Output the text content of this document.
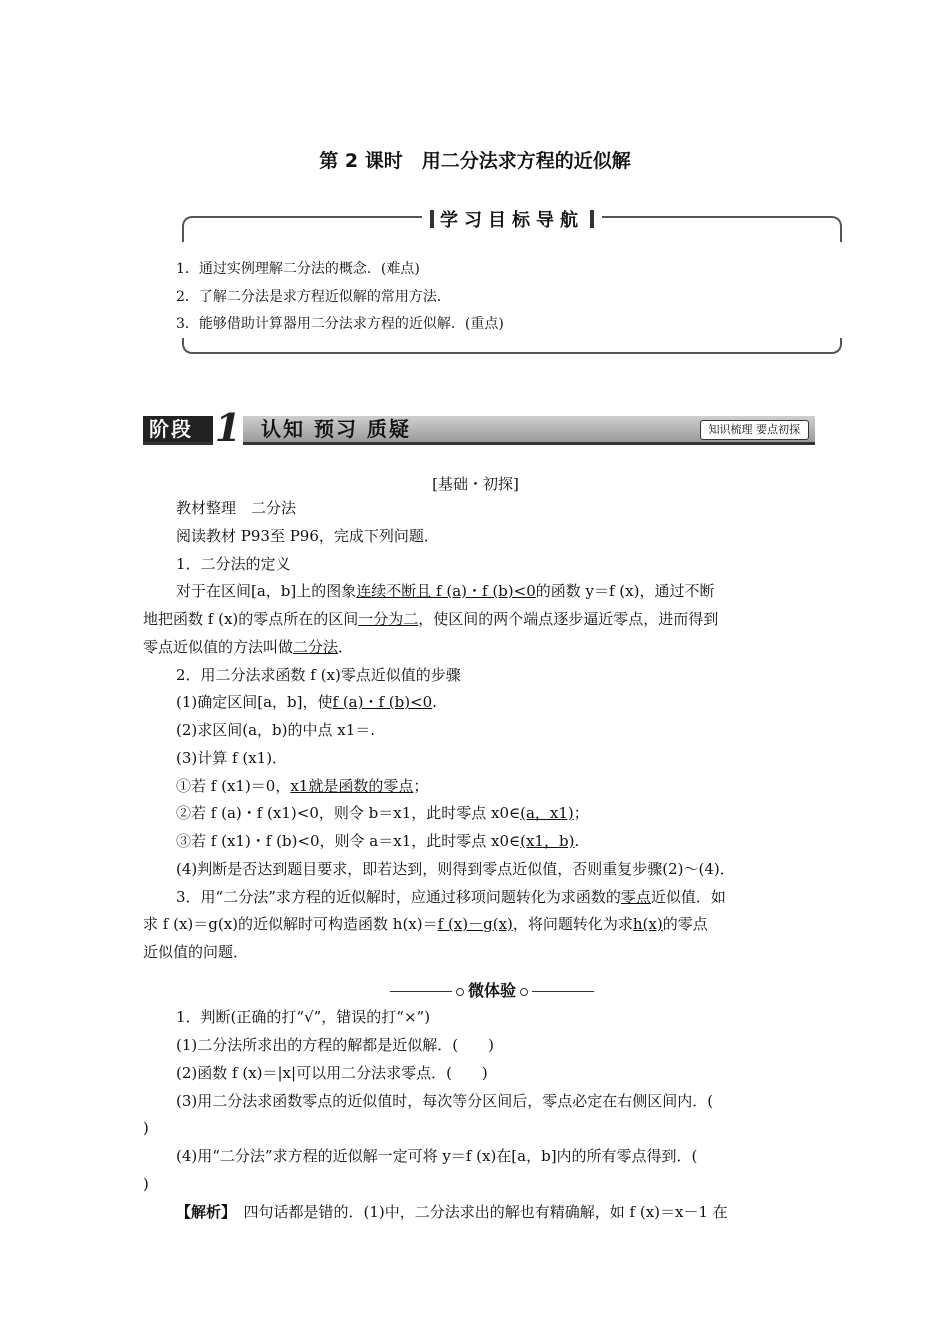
第 2 课时　用二分法求方程的近似解
学习目标导航
1．通过实例理解二分法的概念．(难点)
2．了解二分法是求方程近似解的常用方法．
3．能够借助计算器用二分法求方程的近似解．(重点)
阶段 1 认知 预习 质疑	知识梳理 要点初探
[基础・初探]
教材整理　二分法
阅读教材 P93至 P96，完成下列问题．
1．二分法的定义
对于在区间[a，b]上的图象连续不断且 f (a)・f (b)<0的函数 y＝f (x)，通过不断
地把函数 f (x)的零点所在的区间一分为二，使区间的两个端点逐步逼近零点，进而得到
零点近似值的方法叫做二分法．
2．用二分法求函数 f (x)零点近似值的步骤
(1)确定区间[a，b]，使f (a)・f (b)<0.
(2)求区间(a，b)的中点 x1＝.
(3)计算 f (x1)．
①若 f (x1)＝0，x1就是函数的零点；
②若 f (a)・f (x1)<0，则令 b＝x1，此时零点 x0∈(a，x1)；
③若 f (x1)・f (b)<0，则令 a＝x1，此时零点 x0∈(x1，b).
(4)判断是否达到题目要求，即若达到，则得到零点近似值，否则重复步骤(2)～(4)．
3．用“二分法”求方程的近似解时，应通过移项问题转化为求函数的零点近似值．如
求 f (x)＝g(x)的近似解时可构造函数 h(x)＝f (x)－g(x)，将问题转化为求h(x)的零点
近似值的问题．
微体验
1．判断(正确的打“√”，错误的打“×”)
(1)二分法所求出的方程的解都是近似解．(　　)
(2)函数 f (x)＝|x|可以用二分法求零点．(　　)
(3)用二分法求函数零点的近似值时，每次等分区间后，零点必定在右侧区间内．(
)
(4)用“二分法”求方程的近似解一定可将 y＝f (x)在[a，b]内的所有零点得到．(
)
【解析】　四句话都是错的．(1)中，二分法求出的解也有精确解，如 f (x)＝x－1 在
